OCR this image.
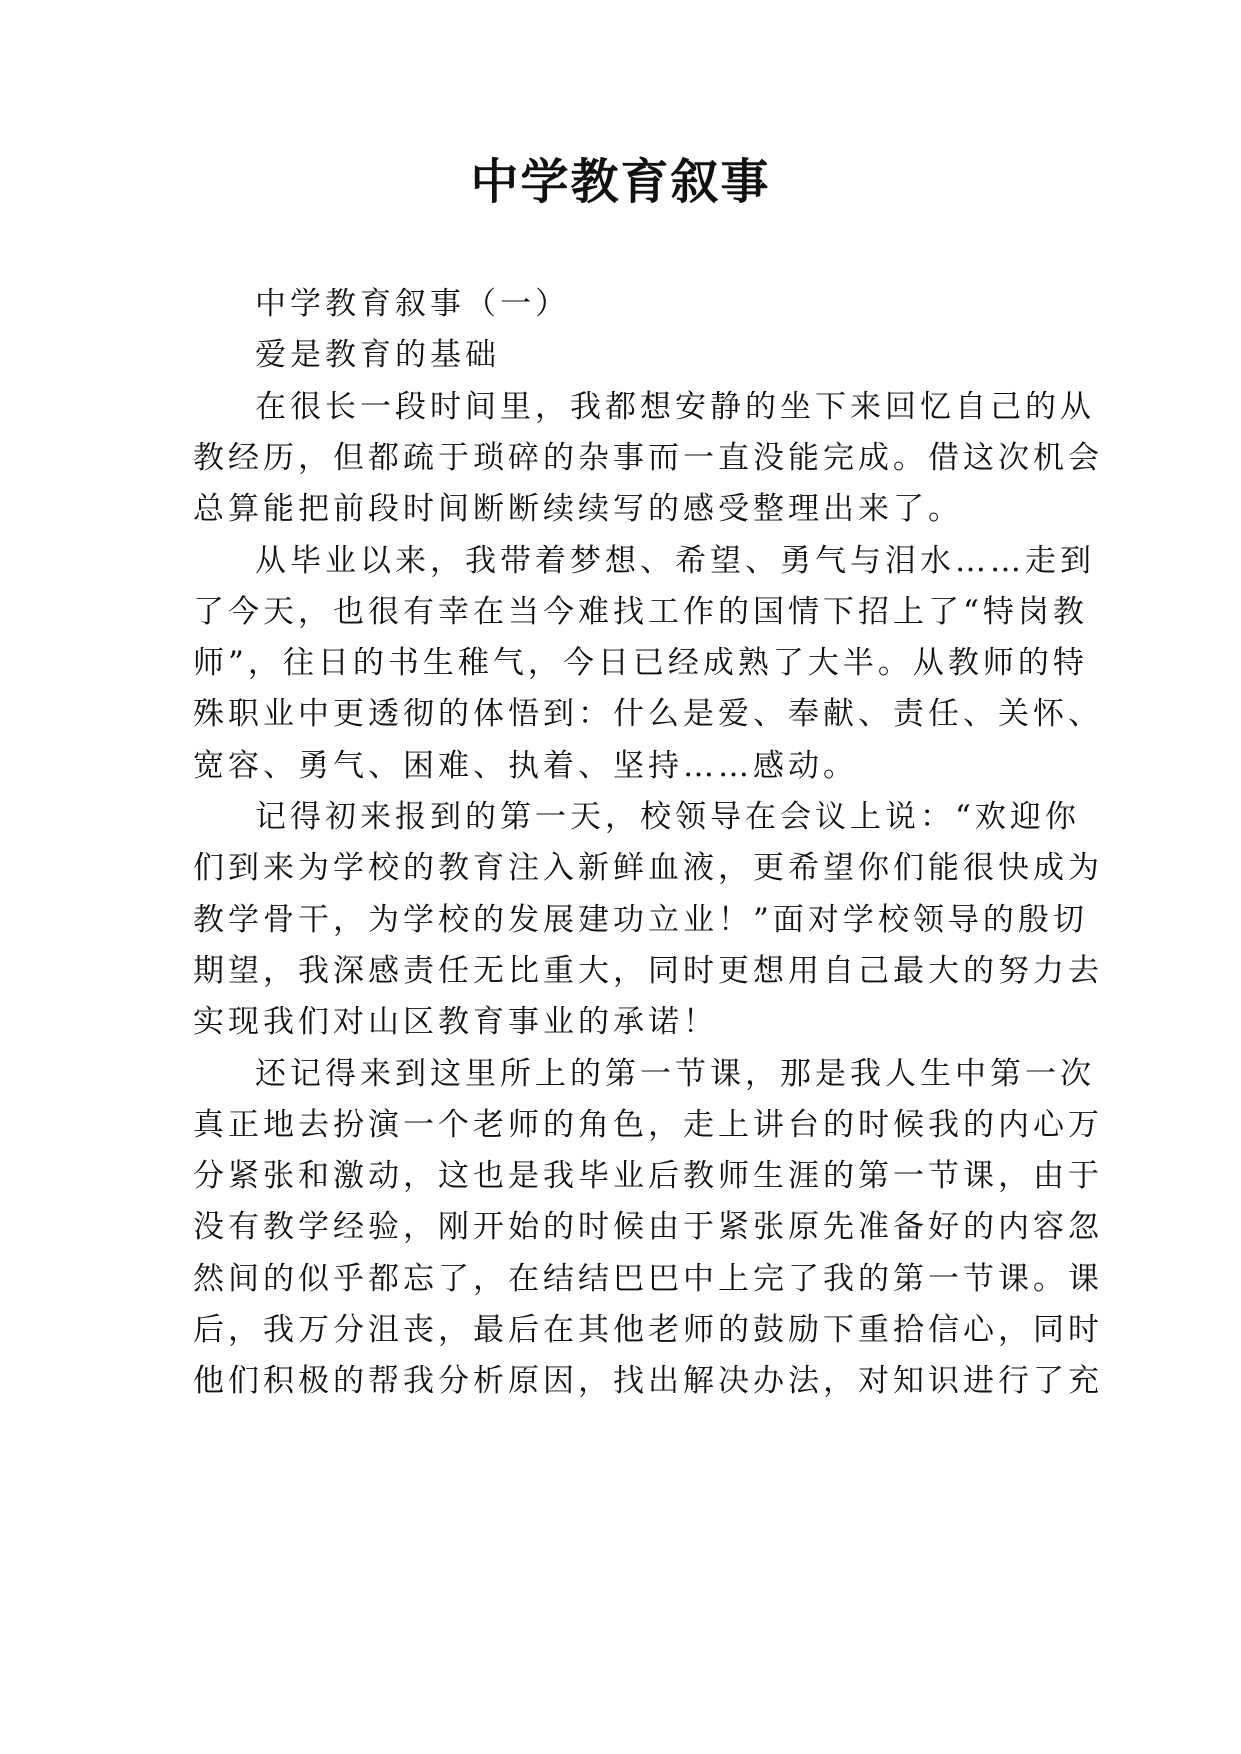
中学教育叙事
中学教育叙事（一）
爱是教育的基础
在很长一段时间里，我都想安静的坐下来回忆自己的从
教经历，但都疏于琐碎的杂事而一直没能完成。借这次机会
总算能把前段时间断断续续写的感受整理出来了。
从毕业以来，我带着梦想、希望、勇气与泪水……走到
了今天，也很有幸在当今难找工作的国情下招上了“特岗教
师”，往日的书生稚气，今日已经成熟了大半。从教师的特
殊职业中更透彻的体悟到：什么是爱、奉献、责任、关怀、
宽容、勇气、困难、执着、坚持……感动。
记得初来报到的第一天，校领导在会议上说：“欢迎你
们到来为学校的教育注入新鲜血液，更希望你们能很快成为
教学骨干，为学校的发展建功立业！”面对学校领导的殷切
期望，我深感责任无比重大，同时更想用自己最大的努力去
实现我们对山区教育事业的承诺！
还记得来到这里所上的第一节课，那是我人生中第一次
真正地去扮演一个老师的角色，走上讲台的时候我的内心万
分紧张和激动，这也是我毕业后教师生涯的第一节课，由于
没有教学经验，刚开始的时候由于紧张原先准备好的内容忽
然间的似乎都忘了，在结结巴巴中上完了我的第一节课。课
后，我万分沮丧，最后在其他老师的鼓励下重拾信心，同时
他们积极的帮我分析原因，找出解决办法，对知识进行了充
